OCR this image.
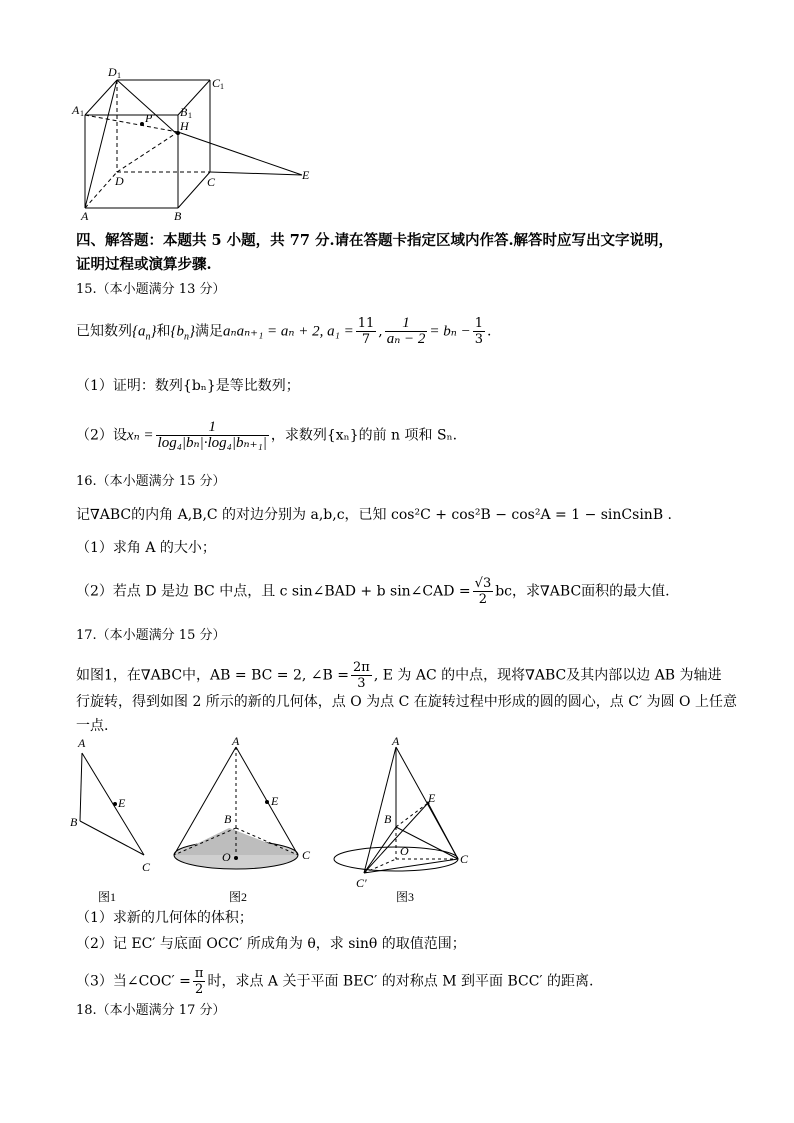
D 1
C 1
A 1	B 1
P
H
D	C	E
A	B
四、解答题：本题共 5 小题，共 77 分.请在答题卡指定区域内作答.解答时应写出文字说明，
证明过程或演算步骤.
15.（本小题满分 13 分）
已知数列$\{a_n\}$和$\{b_n\}$满足aₙaₙ₊₁ = aₙ + 2, $a_1 = \frac{11}{7}$ , $\frac{1}{\text{aₙ − 2}} = b_n - \frac{1}{3}$ .
（1）证明：数列{bₙ}是等比数列；
（2）设$x_n = \frac{1}{\text{log₄|bₙ|·log₄|bₙ₊₁|}}$ ，求数列{xₙ}的前 n 项和 Sₙ.
16.（本小题满分 15 分）
记∇ABC的内角 A,B,C 的对边分别为 a,b,c，已知 cos²C + cos²B − cos²A = 1 − sinCsinB .
（1）求角 A 的大小；
（2）若点 D 是边 BC 中点，且 c sin∠BAD + b sin∠CAD = $\frac{√3}{2}$ bc，求∇ABC面积的最大值.
17.（本小题满分 15 分）
如图1，在∇ABC中，AB = BC = 2, ∠B = $\frac{2\pi}{3}$ , E 为 AC 的中点，现将∇ABC及其内部以边 AB 为轴进
行旋转，得到如图 2 所示的新的几何体，点 O 为点 C 在旋转过程中形成的圆的圆心，点 C′ 为圆 O 上任意
一点.
A
E
B
C
A
E
B
C
O
A
E
B
O
C
C′
图1	图2	图3
（1）求新的几何体的体积；
（2）记 EC′ 与底面 OCC′ 所成角为 θ，求 sinθ 的取值范围；
（3）当∠COC′ = $\frac{\pi}{2}$ 时，求点 A 关于平面 BEC′ 的对称点 M 到平面 BCC′ 的距离.
18.（本小题满分 17 分）
